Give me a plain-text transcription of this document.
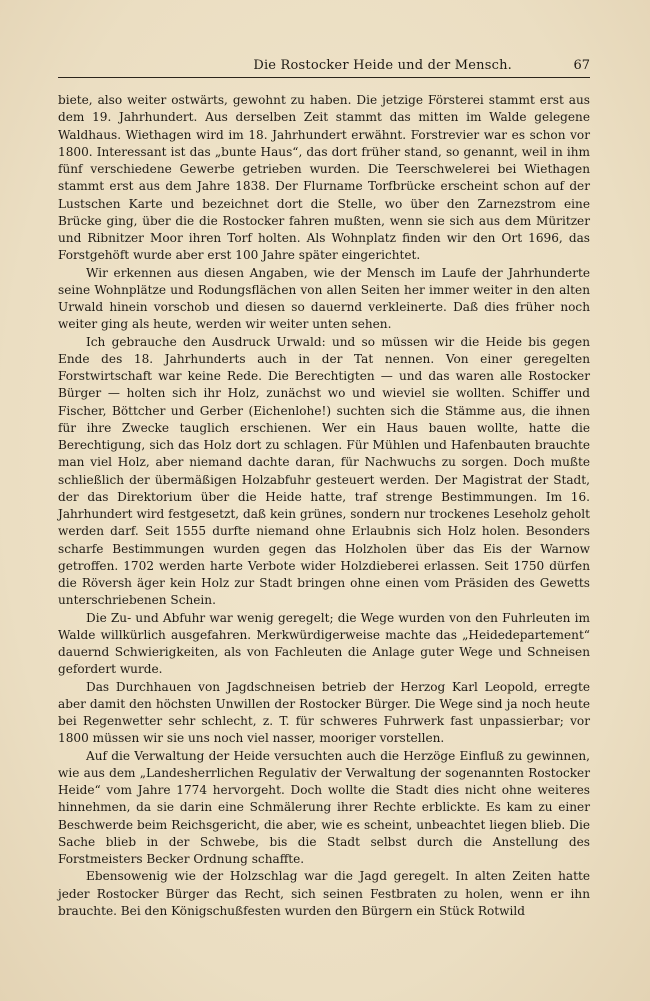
Die Rostocker Heide und der Mensch.	67

biete, also weiter ostwärts, gewohnt zu haben. Die jetzige Försterei stammt erst aus dem 19. Jahrhundert. Aus derselben Zeit stammt das mitten im Walde gelegene Waldhaus. Wiethagen wird im 18. Jahrhundert erwähnt. Forstrevier war es schon vor 1800. Interessant ist das „bunte Haus“, das dort früher stand, so genannt, weil in ihm fünf verschiedene Gewerbe getrieben wurden. Die Teerschwelerei bei Wiethagen stammt erst aus dem Jahre 1838. Der Flurname Torfbrücke erscheint schon auf der Lustschen Karte und bezeichnet dort die Stelle, wo über den Zarnezstrom eine Brücke ging, über die die Rostocker fahren mußten, wenn sie sich aus dem Müritzer und Ribnitzer Moor ihren Torf holten. Als Wohnplatz finden wir den Ort 1696, das Forstgehöft wurde aber erst 100 Jahre später eingerichtet.

Wir erkennen aus diesen Angaben, wie der Mensch im Laufe der Jahrhunderte seine Wohnplätze und Rodungsflächen von allen Seiten her immer weiter in den alten Urwald hinein vorschob und diesen so dauernd verkleinerte. Daß dies früher noch weiter ging als heute, werden wir weiter unten sehen.

Ich gebrauche den Ausdruck Urwald: und so müssen wir die Heide bis gegen Ende des 18. Jahrhunderts auch in der Tat nennen. Von einer geregelten Forstwirtschaft war keine Rede. Die Berechtigten — und das waren alle Rostocker Bürger — holten sich ihr Holz, zunächst wo und wieviel sie wollten. Schiffer und Fischer, Böttcher und Gerber (Eichenlohe!) suchten sich die Stämme aus, die ihnen für ihre Zwecke tauglich erschienen. Wer ein Haus bauen wollte, hatte die Berechtigung, sich das Holz dort zu schlagen. Für Mühlen und Hafenbauten brauchte man viel Holz, aber niemand dachte daran, für Nachwuchs zu sorgen. Doch mußte schließlich der übermäßigen Holzabfuhr gesteuert werden. Der Magistrat der Stadt, der das Direktorium über die Heide hatte, traf strenge Bestimmungen. Im 16. Jahrhundert wird festgesetzt, daß kein grünes, sondern nur trockenes Leseholz geholt werden darf. Seit 1555 durfte niemand ohne Erlaubnis sich Holz holen. Besonders scharfe Bestimmungen wurden gegen das Holzholen über das Eis der Warnow getroffen. 1702 werden harte Verbote wider Holzdieberei erlassen. Seit 1750 dürfen die Röversh äger kein Holz zur Stadt bringen ohne einen vom Präsiden des Gewetts unterschriebenen Schein.

Die Zu- und Abfuhr war wenig geregelt; die Wege wurden von den Fuhrleuten im Walde willkürlich ausgefahren. Merkwürdigerweise machte das „Heidedepartement“ dauernd Schwierigkeiten, als von Fachleuten die Anlage guter Wege und Schneisen gefordert wurde.

Das Durchhauen von Jagdschneisen betrieb der Herzog Karl Leopold, erregte aber damit den höchsten Unwillen der Rostocker Bürger. Die Wege sind ja noch heute bei Regenwetter sehr schlecht, z. T. für schweres Fuhrwerk fast unpassierbar; vor 1800 müssen wir sie uns noch viel nasser, mooriger vorstellen.

Auf die Verwaltung der Heide versuchten auch die Herzöge Einfluß zu gewinnen, wie aus dem „Landesherrlichen Regulativ der Verwaltung der sogenannten Rostocker Heide“ vom Jahre 1774 hervorgeht. Doch wollte die Stadt dies nicht ohne weiteres hinnehmen, da sie darin eine Schmälerung ihrer Rechte erblickte. Es kam zu einer Beschwerde beim Reichsgericht, die aber, wie es scheint, unbeachtet liegen blieb. Die Sache blieb in der Schwebe, bis die Stadt selbst durch die Anstellung des Forstmeisters Becker Ordnung schaffte.

Ebensowenig wie der Holzschlag war die Jagd geregelt. In alten Zeiten hatte jeder Rostocker Bürger das Recht, sich seinen Festbraten zu holen, wenn er ihn brauchte. Bei den Königschußfesten wurden den Bürgern ein Stück Rotwild
